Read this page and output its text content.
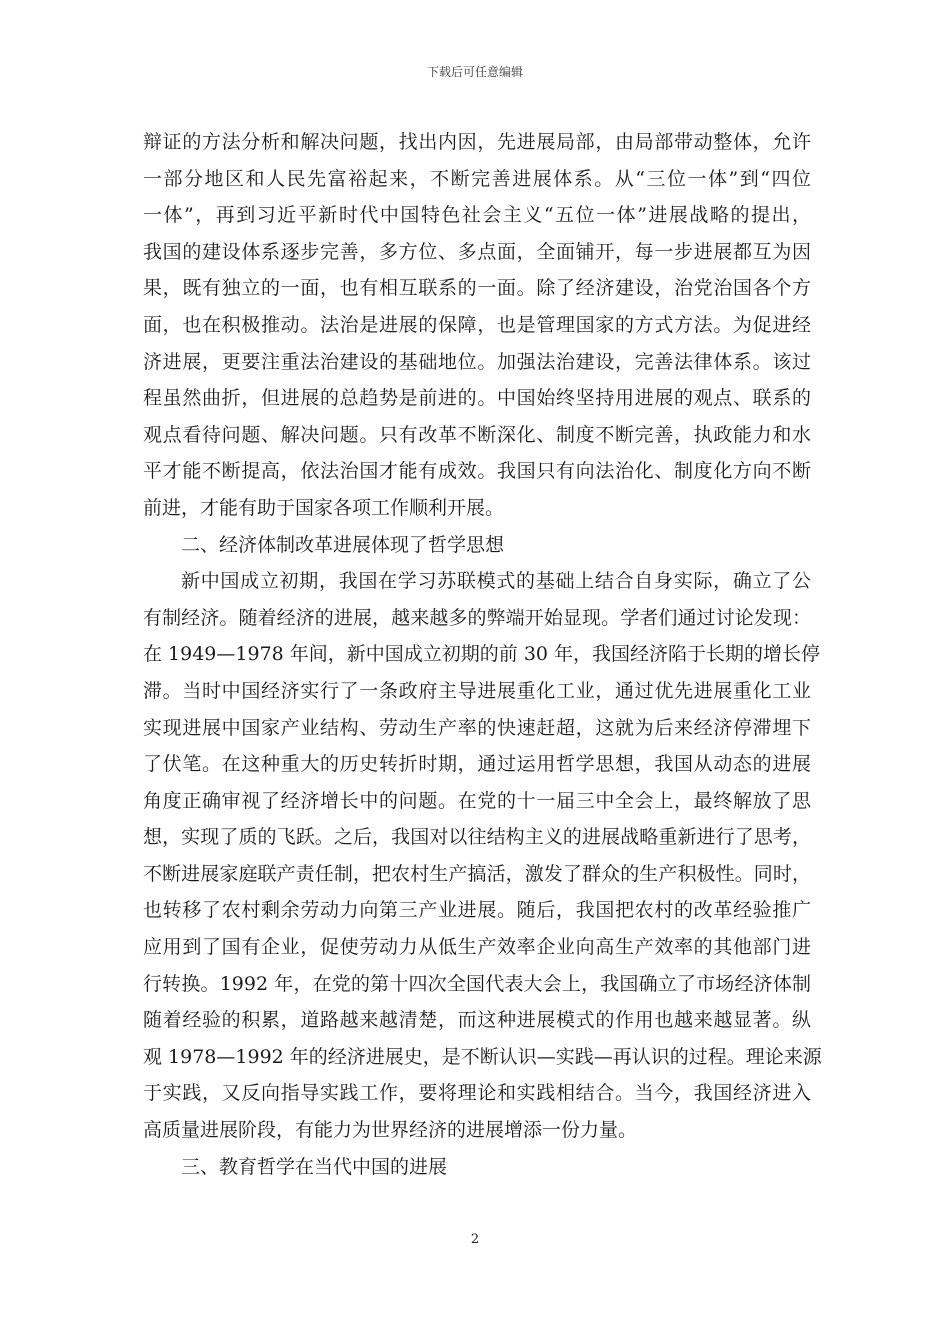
下载后可任意编辑
辩证的方法分析和解决问题，找出内因，先进展局部，由局部带动整体，允许
一部分地区和人民先富裕起来，不断完善进展体系。从“三位一体”到“四位
一体”，再到习近平新时代中国特色社会主义“五位一体”进展战略的提出，
我国的建设体系逐步完善，多方位、多点面，全面铺开，每一步进展都互为因
果，既有独立的一面，也有相互联系的一面。除了经济建设，治党治国各个方
面，也在积极推动。法治是进展的保障，也是管理国家的方式方法。为促进经
济进展，更要注重法治建设的基础地位。加强法治建设，完善法律体系。该过
程虽然曲折，但进展的总趋势是前进的。中国始终坚持用进展的观点、联系的
观点看待问题、解决问题。只有改革不断深化、制度不断完善，执政能力和水
平才能不断提高，依法治国才能有成效。我国只有向法治化、制度化方向不断
前进，才能有助于国家各项工作顺利开展。
二、经济体制改革进展体现了哲学思想
新中国成立初期，我国在学习苏联模式的基础上结合自身实际，确立了公
有制经济。随着经济的进展，越来越多的弊端开始显现。学者们通过讨论发现：
在 1949—1978 年间，新中国成立初期的前 30 年，我国经济陷于长期的增长停
滞。当时中国经济实行了一条政府主导进展重化工业，通过优先进展重化工业
实现进展中国家产业结构、劳动生产率的快速赶超，这就为后来经济停滞埋下
了伏笔。在这种重大的历史转折时期，通过运用哲学思想，我国从动态的进展
角度正确审视了经济增长中的问题。在党的十一届三中全会上，最终解放了思
想，实现了质的飞跃。之后，我国对以往结构主义的进展战略重新进行了思考，
不断进展家庭联产责任制，把农村生产搞活，激发了群众的生产积极性。同时，
也转移了农村剩余劳动力向第三产业进展。随后，我国把农村的改革经验推广
应用到了国有企业，促使劳动力从低生产效率企业向高生产效率的其他部门进
行转换。1992 年，在党的第十四次全国代表大会上，我国确立了市场经济体制
随着经验的积累，道路越来越清楚，而这种进展模式的作用也越来越显著。纵
观 1978—1992 年的经济进展史，是不断认识—实践—再认识的过程。理论来源
于实践，又反向指导实践工作，要将理论和实践相结合。当今，我国经济进入
高质量进展阶段，有能力为世界经济的进展增添一份力量。
三、教育哲学在当代中国的进展
2
